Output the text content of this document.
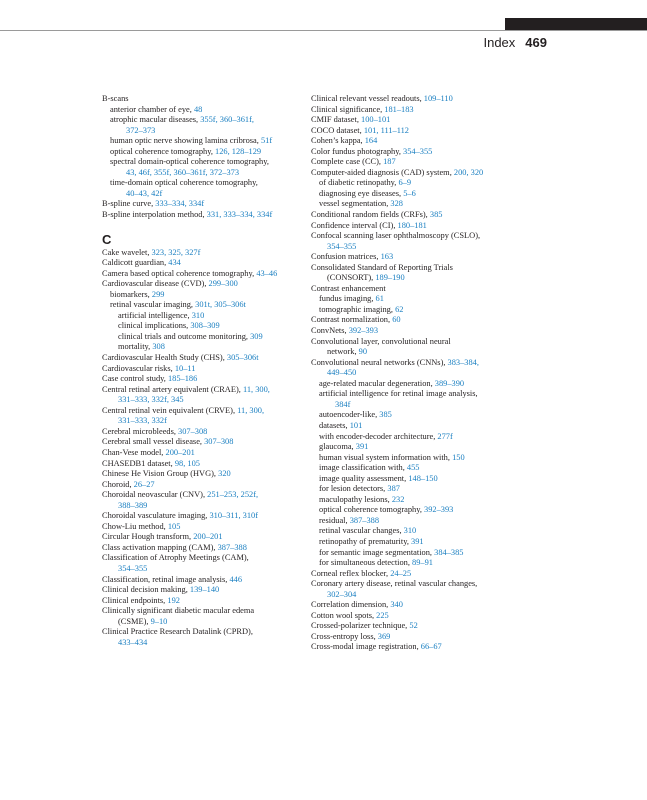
Index 469
B-scans
anterior chamber of eye, 48
atrophic macular diseases, 355f, 360–361f,
372–373
human optic nerve showing lamina cribrosa, 51f
optical coherence tomography, 126, 128–129
spectral domain-optical coherence tomography,
43, 46f, 355f, 360–361f, 372–373
time-domain optical coherence tomography,
40–43, 42f
B-spline curve, 333–334, 334f
B-spline interpolation method, 331, 333–334, 334f
C
Cake wavelet, 323, 325, 327f
Caldicott guardian, 434
Camera based optical coherence tomography, 43–46
Cardiovascular disease (CVD), 299–300
biomarkers, 299
retinal vascular imaging, 301t, 305–306t
artificial intelligence, 310
clinical implications, 308–309
clinical trials and outcome monitoring, 309
mortality, 308
Cardiovascular Health Study (CHS), 305–306t
Cardiovascular risks, 10–11
Case control study, 185–186
Central retinal artery equivalent (CRAE), 11, 300,
331–333, 332f, 345
Central retinal vein equivalent (CRVE), 11, 300,
331–333, 332f
Cerebral microbleeds, 307–308
Cerebral small vessel disease, 307–308
Chan-Vese model, 200–201
CHASEDB1 dataset, 98, 105
Chinese He Vision Group (HVG), 320
Choroid, 26–27
Choroidal neovascular (CNV), 251–253, 252f,
388–389
Choroidal vasculature imaging, 310–311, 310f
Chow-Liu method, 105
Circular Hough transform, 200–201
Class activation mapping (CAM), 387–388
Classification of Atrophy Meetings (CAM),
354–355
Classification, retinal image analysis, 446
Clinical decision making, 139–140
Clinical endpoints, 192
Clinically significant diabetic macular edema
(CSME), 9–10
Clinical Practice Research Datalink (CPRD),
433–434
Clinical relevant vessel readouts, 109–110
Clinical significance, 181–183
CMIF dataset, 100–101
COCO dataset, 101, 111–112
Cohen’s kappa, 164
Color fundus photography, 354–355
Complete case (CC), 187
Computer-aided diagnosis (CAD) system, 200, 320
of diabetic retinopathy, 6–9
diagnosing eye diseases, 5–6
vessel segmentation, 328
Conditional random fields (CRFs), 385
Confidence interval (CI), 180–181
Confocal scanning laser ophthalmoscopy (CSLO),
354–355
Confusion matrices, 163
Consolidated Standard of Reporting Trials
(CONSORT), 189–190
Contrast enhancement
fundus imaging, 61
tomographic imaging, 62
Contrast normalization, 60
ConvNets, 392–393
Convolutional layer, convolutional neural
network, 90
Convolutional neural networks (CNNs), 383–384,
449–450
age-related macular degeneration, 389–390
artificial intelligence for retinal image analysis,
384f
autoencoder-like, 385
datasets, 101
with encoder-decoder architecture, 277f
glaucoma, 391
human visual system information with, 150
image classification with, 455
image quality assessment, 148–150
for lesion detectors, 387
maculopathy lesions, 232
optical coherence tomography, 392–393
residual, 387–388
retinal vascular changes, 310
retinopathy of prematurity, 391
for semantic image segmentation, 384–385
for simultaneous detection, 89–91
Corneal reflex blocker, 24–25
Coronary artery disease, retinal vascular changes,
302–304
Correlation dimension, 340
Cotton wool spots, 225
Crossed-polarizer technique, 52
Cross-entropy loss, 369
Cross-modal image registration, 66–67
